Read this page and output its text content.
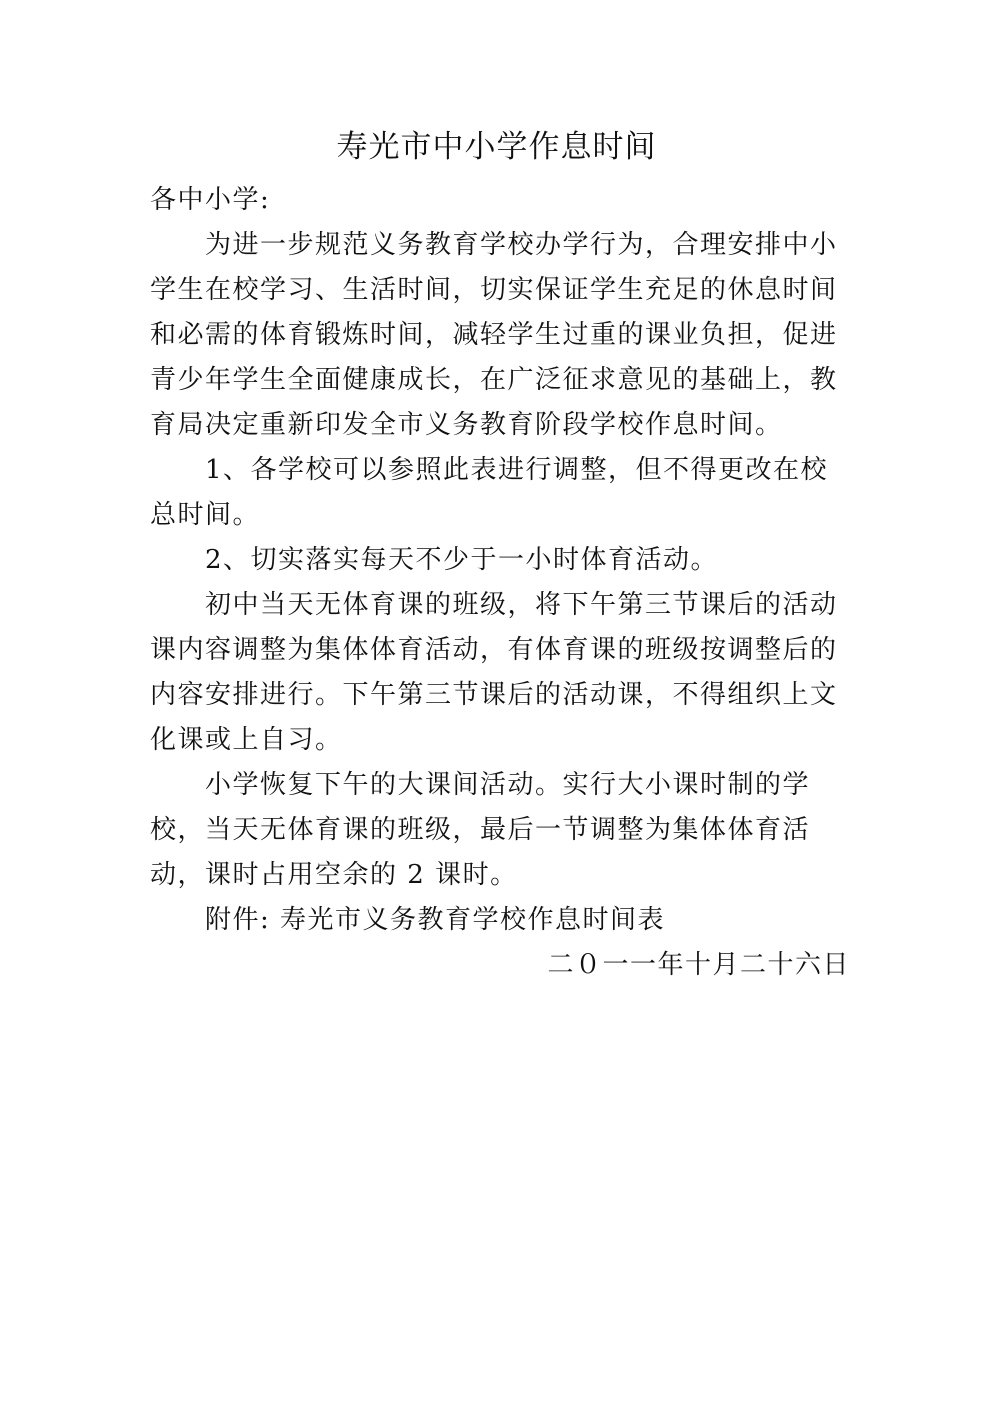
寿光市中小学作息时间

各中小学:

为进一步规范义务教育学校办学行为，合理安排中小学生在校学习、生活时间，切实保证学生充足的休息时间和必需的体育锻炼时间，减轻学生过重的课业负担，促进青少年学生全面健康成长，在广泛征求意见的基础上，教育局决定重新印发全市义务教育阶段学校作息时间。

1、各学校可以参照此表进行调整，但不得更改在校总时间。

2、切实落实每天不少于一小时体育活动。

初中当天无体育课的班级，将下午第三节课后的活动课内容调整为集体体育活动，有体育课的班级按调整后的内容安排进行。下午第三节课后的活动课，不得组织上文化课或上自习。

小学恢复下午的大课间活动。实行大小课时制的学校，当天无体育课的班级，最后一节调整为集体体育活动，课时占用空余的 2 课时。

附件: 寿光市义务教育学校作息时间表

二０一一年十月二十六日
